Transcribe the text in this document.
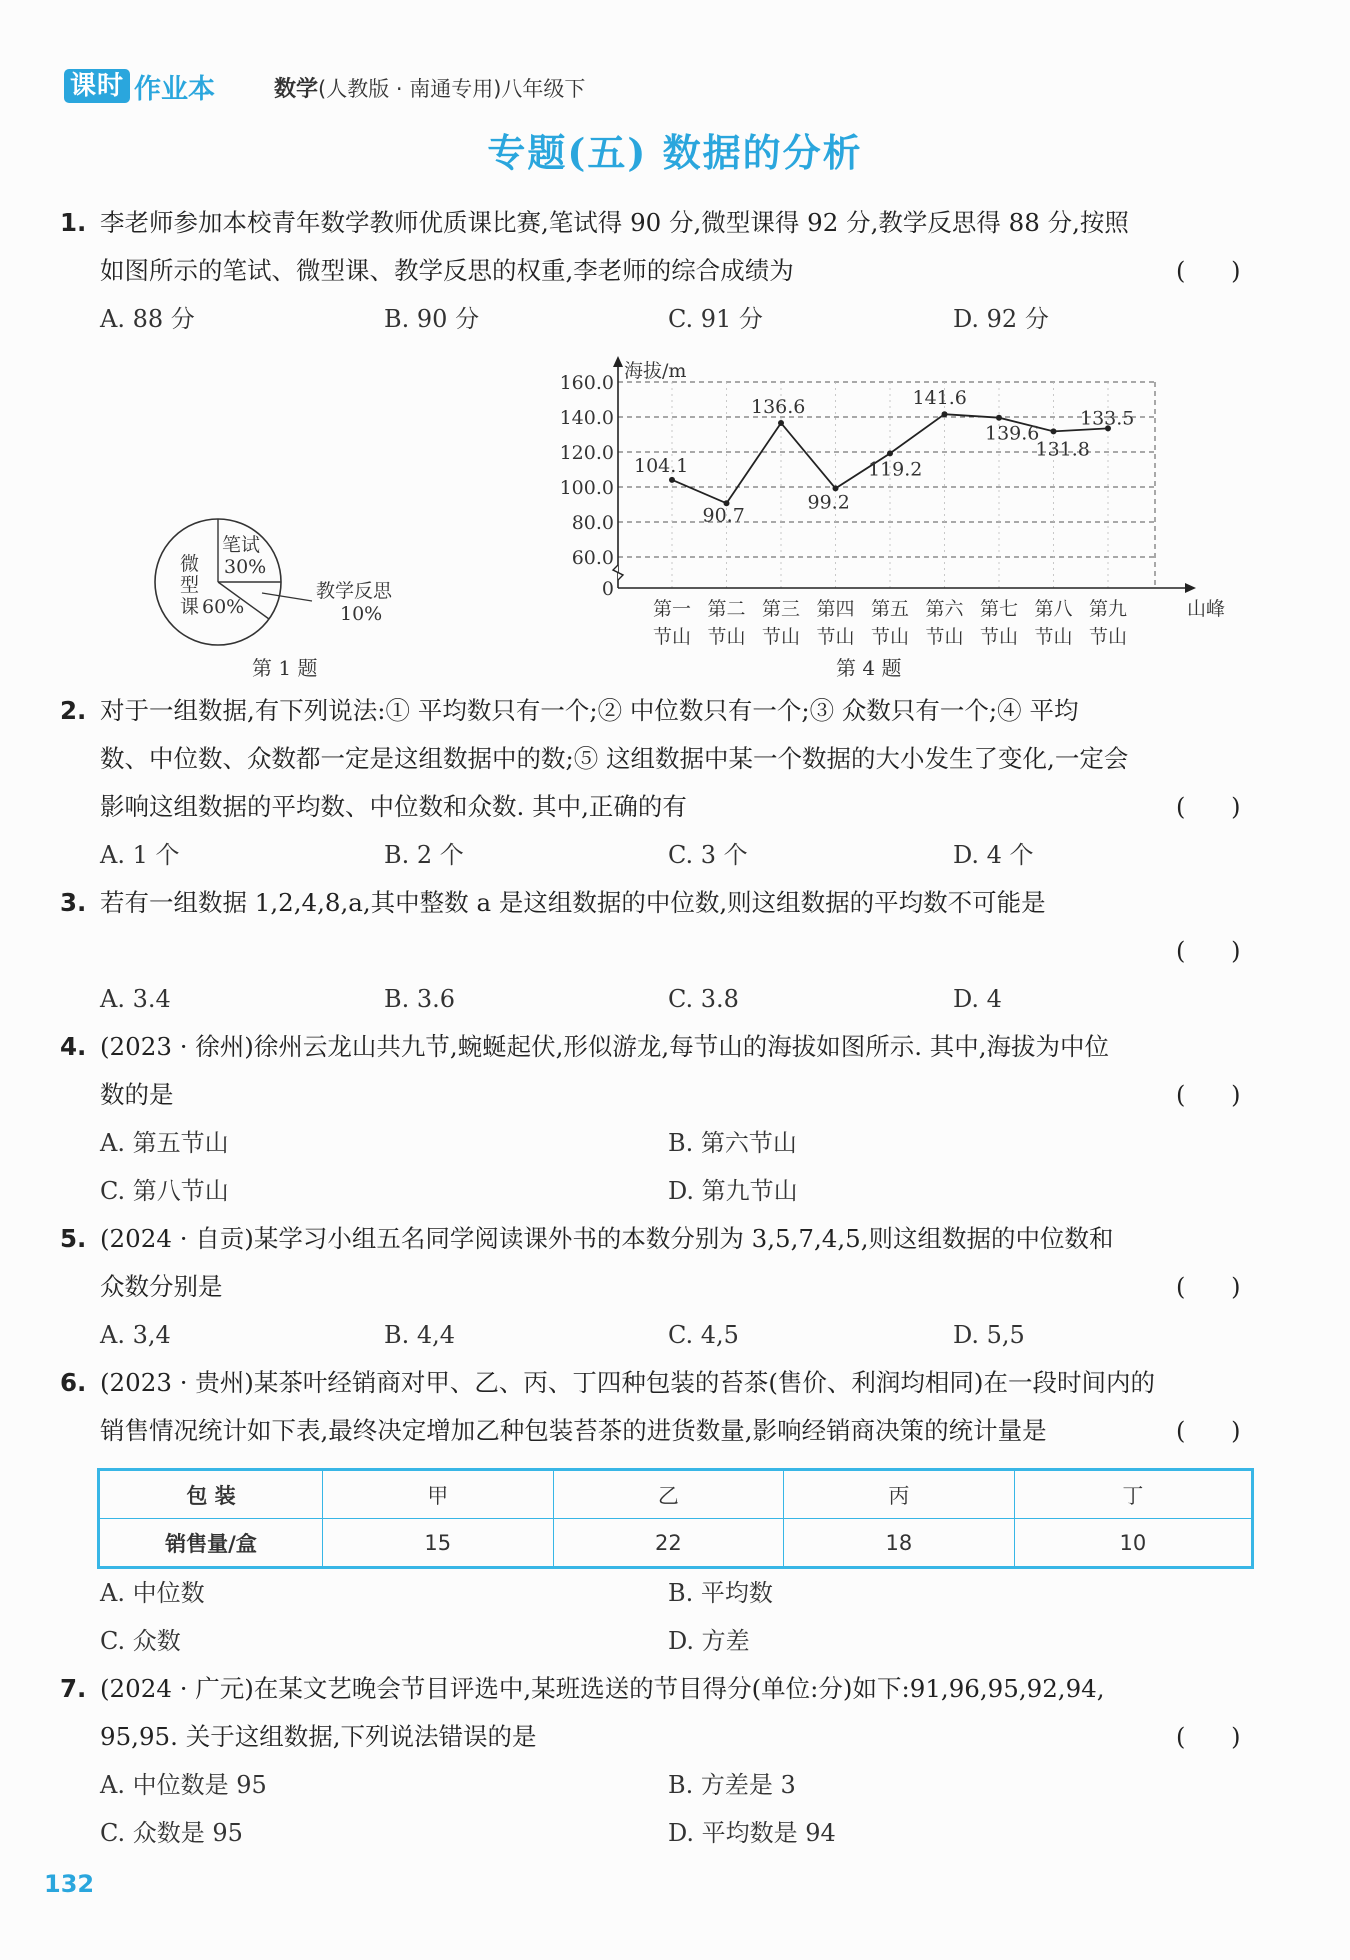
课时 作业本	数学(人教版 · 南通专用)八年级下
专题(五) 数据的分析
1. 李老师参加本校青年数学教师优质课比赛,笔试得 90 分,微型课得 92 分,教学反思得 88 分,按照
如图所示的笔试、微型课、教学反思的权重,李老师的综合成绩为	(      )
A. 88 分	B. 90 分	C. 91 分	D. 92 分
笔试
30%
微
型
课 60%
教学反思
10%
第 1 题
0
60.0
80.0
100.0
120.0
140.0
160.0
海拔/m
山峰
第一
节山
第二
节山
第三
节山
第四
节山
第五
节山
第六
节山
第七
节山
第八
节山
第九
节山
104.1
90.7
136.6
99.2
119.2
141.6
139.6
131.8
133.5
第 4 题
2. 对于一组数据,有下列说法:① 平均数只有一个;② 中位数只有一个;③ 众数只有一个;④ 平均
数、中位数、众数都一定是这组数据中的数;⑤ 这组数据中某一个数据的大小发生了变化,一定会
影响这组数据的平均数、中位数和众数. 其中,正确的有	(      )
A. 1 个	B. 2 个	C. 3 个	D. 4 个
3. 若有一组数据 1,2,4,8,a,其中整数 a 是这组数据的中位数,则这组数据的平均数不可能是
(      )
A. 3.4	B. 3.6	C. 3.8	D. 4
4. (2023 · 徐州)徐州云龙山共九节,蜿蜒起伏,形似游龙,每节山的海拔如图所示. 其中,海拔为中位
数的是	(      )
A. 第五节山	B. 第六节山
C. 第八节山	D. 第九节山
5. (2024 · 自贡)某学习小组五名同学阅读课外书的本数分别为 3,5,7,4,5,则这组数据的中位数和
众数分别是	(      )
A. 3,4	B. 4,4	C. 4,5	D. 5,5
6. (2023 · 贵州)某茶叶经销商对甲、乙、丙、丁四种包装的苔茶(售价、利润均相同)在一段时间内的
销售情况统计如下表,最终决定增加乙种包装苔茶的进货数量,影响经销商决策的统计量是	(      )
包 装	甲	乙	丙	丁
销售量/盒	15	22	18	10
A. 中位数	B. 平均数
C. 众数	D. 方差
7. (2024 · 广元)在某文艺晚会节目评选中,某班选送的节目得分(单位:分)如下:91,96,95,92,94,
95,95. 关于这组数据,下列说法错误的是	(      )
A. 中位数是 95	B. 方差是 3
C. 众数是 95	D. 平均数是 94
132
